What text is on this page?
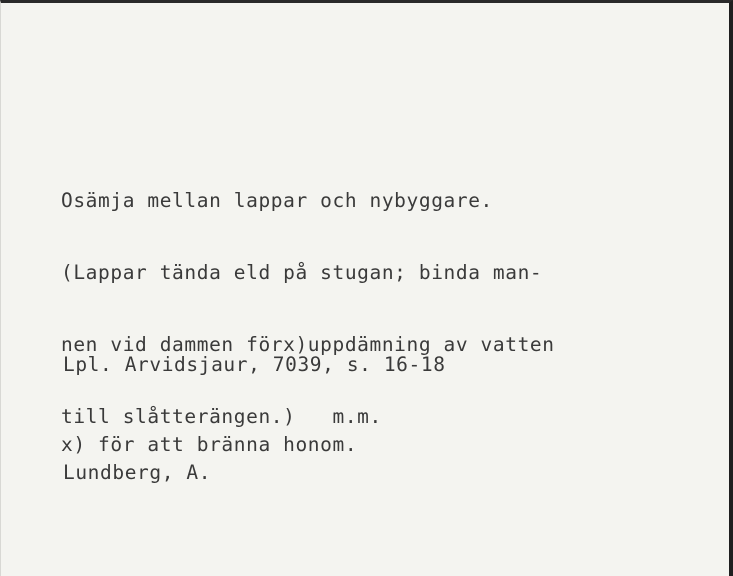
Osämja mellan lappar och nybyggare.

(Lappar tända eld på stugan; binda man-

nen vid dammen förx)uppdämning av vatten

till slåtterängen.)   m.m.

Lpl. Arvidsjaur, 7039, s. 16-18

Lundberg, A.

x) för att bränna honom.
